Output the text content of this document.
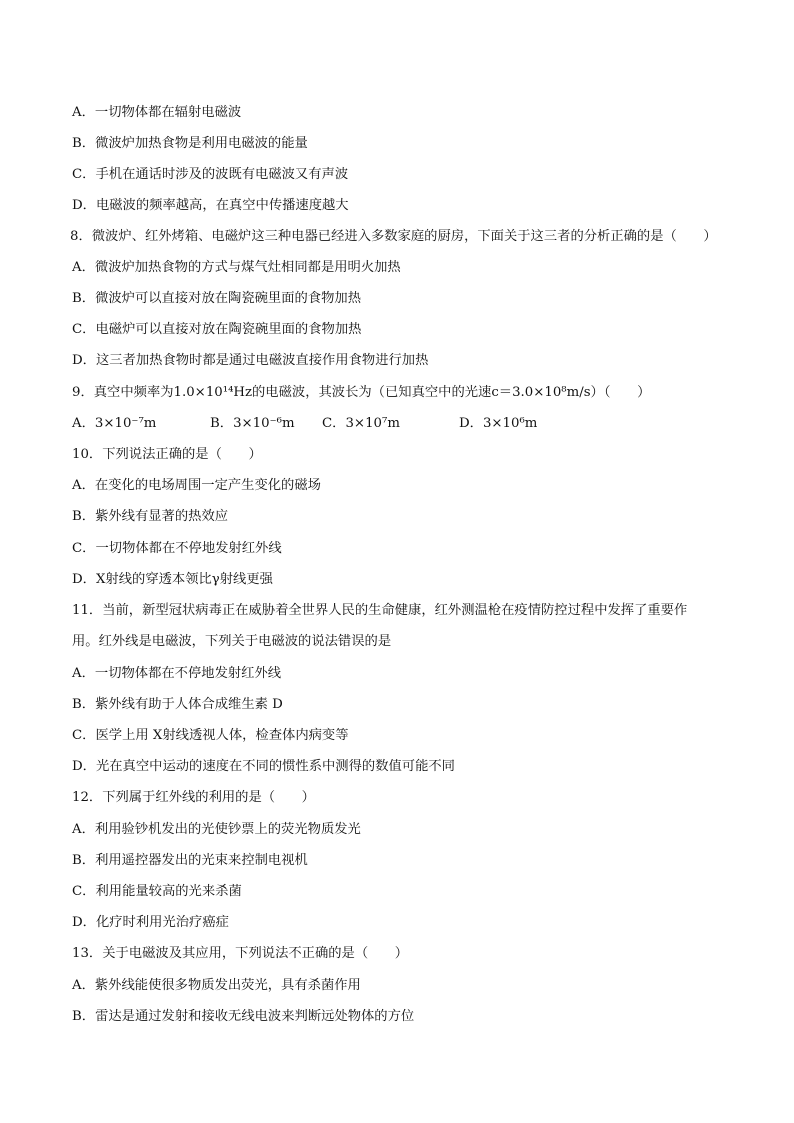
A．一切物体都在辐射电磁波
B．微波炉加热食物是利用电磁波的能量
C．手机在通话时涉及的波既有电磁波又有声波
D．电磁波的频率越高，在真空中传播速度越大
8．微波炉、红外烤箱、电磁炉这三种电器已经进入多数家庭的厨房，下面关于这三者的分析正确的是（　　）
A．微波炉加热食物的方式与煤气灶相同都是用明火加热
B．微波炉可以直接对放在陶瓷碗里面的食物加热
C．电磁炉可以直接对放在陶瓷碗里面的食物加热
D．这三者加热食物时都是通过电磁波直接作用食物进行加热
9．真空中频率为1.0×10¹⁴Hz的电磁波，其波长为（已知真空中的光速c＝3.0×10⁸m/s）（　　）
A．3×10⁻⁷m	B．3×10⁻⁶m	C．3×10⁷m	D．3×10⁶m
10．下列说法正确的是（　　）
A．在变化的电场周围一定产生变化的磁场
B．紫外线有显著的热效应
C．一切物体都在不停地发射红外线
D．X射线的穿透本领比γ射线更强
11．当前，新型冠状病毒正在威胁着全世界人民的生命健康，红外测温枪在疫情防控过程中发挥了重要作
用。红外线是电磁波，下列关于电磁波的说法错误的是
A．一切物体都在不停地发射红外线
B．紫外线有助于人体合成维生素 D
C．医学上用 X射线透视人体，检查体内病变等
D．光在真空中运动的速度在不同的惯性系中测得的数值可能不同
12．下列属于红外线的利用的是（　　）
A．利用验钞机发出的光使钞票上的荧光物质发光
B．利用遥控器发出的光束来控制电视机
C．利用能量较高的光来杀菌
D．化疗时利用光治疗癌症
13．关于电磁波及其应用，下列说法不正确的是（　　）
A．紫外线能使很多物质发出荧光，具有杀菌作用
B．雷达是通过发射和接收无线电波来判断远处物体的方位
